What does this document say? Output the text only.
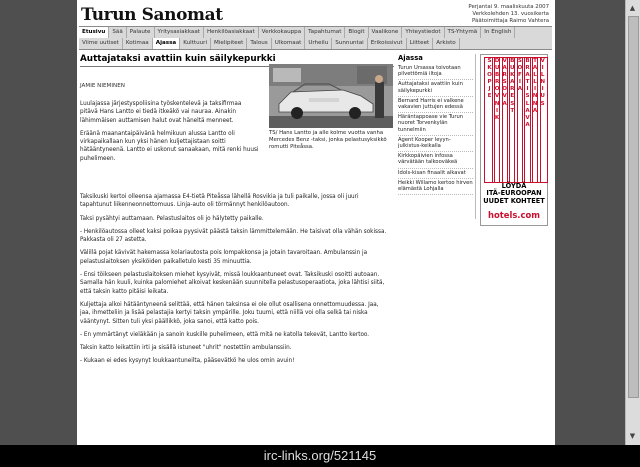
Turun Sanomat	Perjantai 9. maaliskuuta 2007
Verkkolehden 13. vuosikerta
Päätoimittaja Raimo Vahtera
Etusivu	Sää	Palaute	Yritysasiakkaat	Henkilöasiakkaat	Verkkokauppa	Tapahtumat	Blogit	Vaalikone	Yhteystiedot	TS-Yhtymä	In English
Viime uutiset	Kotimaa	Ajassa	Kulttuuri	Mielipiteet	Talous	Ulkomaat	Urheilu	Sunnuntai	Erikoissivut	Liitteet	Arkisto
Auttajataksi avattiin kuin säilykepurkki
JAMIE NIEMINEN

Luulajassa järjestyspoliisina työskentelevä ja taksifirmaa pitävä Hans Lantto ei tiedä itkeäkö vai nauraa. Ainakin lähimmäisen auttamisen halut ovat häneltä menneet.

Eräänä maanantaipäivänä helmikuun alussa Lantto oli virkapaikallaan kun yksi hänen kuljettajistaan soitti hätääntyneenä. Lantto ei uskonut sanaakaan, mitä renki huusi puhelimeen.

TS/ Hans Lantto ja alle kolme vuotta vanha Mercedes Benz -taksi, jonka pelastusyksikkö romutti Piteåssa.

Taksikuski kertoi olleensa ajamassa E4-tietä Piteåssa lähellä Rosvikia ja tuli paikalle, jossa oli juuri tapahtunut liikenneonnettomuus. Linja-auto oli törmännyt henkilöautoon.

Taksi pysähtyi auttamaan. Pelastuslaitos oli jo hälytetty paikalle.

- Henkilöautossa olleet kaksi poikaa pyysivät päästä taksin lämmittelemään. He taisivat olla vähän sokissa. Pakkasta oli 27 astetta.

Välillä pojat kävivät hakemassa kolariautosta pois lompakkonsa ja jotain tavaroitaan. Ambulanssin ja pelastuslaitoksen yksiköiden paikalletulo kesti 35 minuuttia.

- Ensi töikseen pelastuslaitoksen miehet kysyivät, missä loukkaantuneet ovat. Taksikuski osoitti autoaan. Samalla hän kuuli, kuinka palomiehet alkoivat keskenään suunnitella pelastusoperaatiota, joka lähtisi siitä, että taksin katto pitäisi leikata.

Kuljettaja alkoi hätääntyneenä selittää, että hänen taksinsa ei ole ollut osallisena onnettomuudessa. Jaa, jaa, ihmetteliin ja lisää pelastajia kertyi taksin ympärille. Joku tuumi, että niillä voi olla selkä tai niska vääntynyt. Sitten tuli yksi päällikkö, joka sanoi, että katto pois.

- En ymmärtänyt vieläkään ja sanoin kuskille puhelimeen, että mitä ne katolla tekevät, Lantto kertoo.

Taksin katto leikattiin irti ja sisällä istuneet "uhrit" nostettiin ambulanssiin.

- Kukaan ei edes kysynyt loukkaantuneilta, pääsevätkö he ulos omin avuin!

Ajassa
Turun Ursassa toivotaan pilvettömiä iltoja
Auttajataksi avattiin kuin säilykepurkki
Bernard Harris ei valkene vakavien juttujen edessä
Häräntappoase vie Turun nuoret Torvenkylän tunnelmiin
Agent Kooper leyyn-julkistus-keikalla
Kirkkopäivien infossa värvätään talkooväkeä
Idols-kisan finaalit alkavat
Heikki Willamo kertoo hirven elämästä Lohjalla
S
K
O
P
J
E
D
U
B
R
O
V
N
I
K
V
A
R
S
O
V
A
B
U
K
A
R
E
S
T
S
O
F
I
A
B
R
A
T
I
S
L
A
V
A
T
A
L
L
I
N
N
A
V
I
L
N
I
U
S
LÖYDÄ
ITÄ-EUROOPAN
UUDET KOHTEET
hotels.com
▲
▼
irc-links.org/521145
